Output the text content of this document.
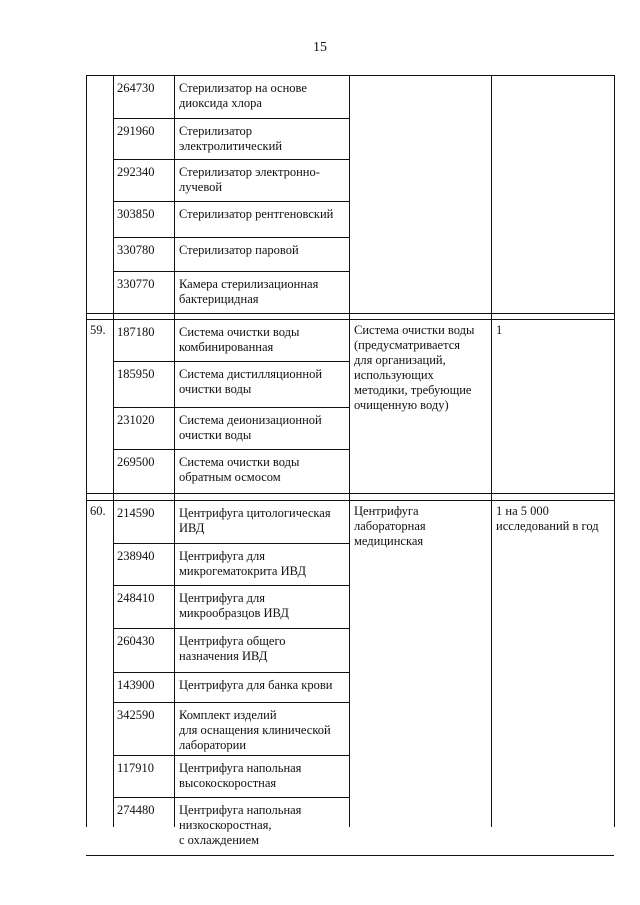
15
264730 Стерилизатор на основе
диоксида хлора
291960 Стерилизатор
электролитический
292340 Стерилизатор электронно-
лучевой
303850 Стерилизатор рентгеновский
330780 Стерилизатор паровой
330770 Камера стерилизационная
бактерицидная
59.	Система очистки воды
(предусматривается
для организаций,
использующих
методики, требующие
очищенную воду)
1
187180 Система очистки воды
комбинированная
185950 Система дистилляционной
очистки воды
231020 Система деионизационной
очистки воды
269500 Система очистки воды
обратным осмосом
60.	Центрифуга
лабораторная
медицинская
1 на 5 000
исследований в год
214590 Центрифуга цитологическая
ИВД
238940 Центрифуга для
микрогематокрита ИВД
248410 Центрифуга для
микрообразцов ИВД
260430 Центрифуга общего
назначения ИВД
143900 Центрифуга для банка крови
342590 Комплект изделий
для оснащения клинической
лаборатории
117910 Центрифуга напольная
высокоскоростная
274480 Центрифуга напольная
низкоскоростная,
с охлаждением
